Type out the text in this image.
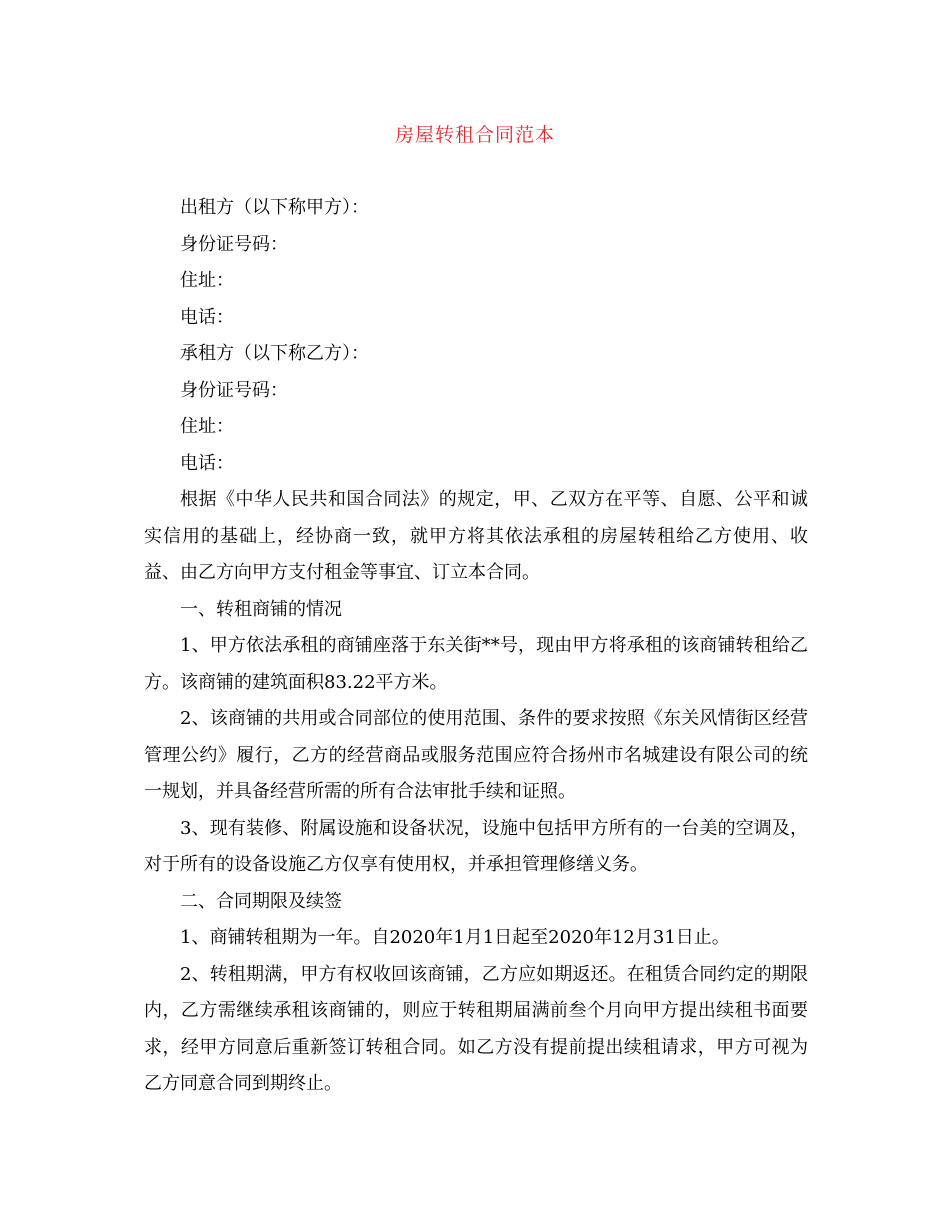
房屋转租合同范本

出租方（以下称甲方）：

身份证号码：

住址：

电话：

承租方（以下称乙方）：

身份证号码：

住址：

电话：

根据《中华人民共和国合同法》的规定，甲、乙双方在平等、自愿、公平和诚实信用的基础上，经协商一致，就甲方将其依法承租的房屋转租给乙方使用、收益、由乙方向甲方支付租金等事宜、订立本合同。

一、转租商铺的情况

1、甲方依法承租的商铺座落于东关街**号，现由甲方将承租的该商铺转租给乙方。该商铺的建筑面积83.22平方米。

2、该商铺的共用或合同部位的使用范围、条件的要求按照《东关风情街区经营管理公约》履行，乙方的经营商品或服务范围应符合扬州市名城建设有限公司的统一规划，并具备经营所需的所有合法审批手续和证照。

3、现有装修、附属设施和设备状况，设施中包括甲方所有的一台美的空调及，对于所有的设备设施乙方仅享有使用权，并承担管理修缮义务。

二、合同期限及续签

1、商铺转租期为一年。自2020年1月1日起至2020年12月31日止。

2、转租期满，甲方有权收回该商铺，乙方应如期返还。在租赁合同约定的期限内，乙方需继续承租该商铺的，则应于转租期届满前叁个月向甲方提出续租书面要求，经甲方同意后重新签订转租合同。如乙方没有提前提出续租请求，甲方可视为乙方同意合同到期终止。
